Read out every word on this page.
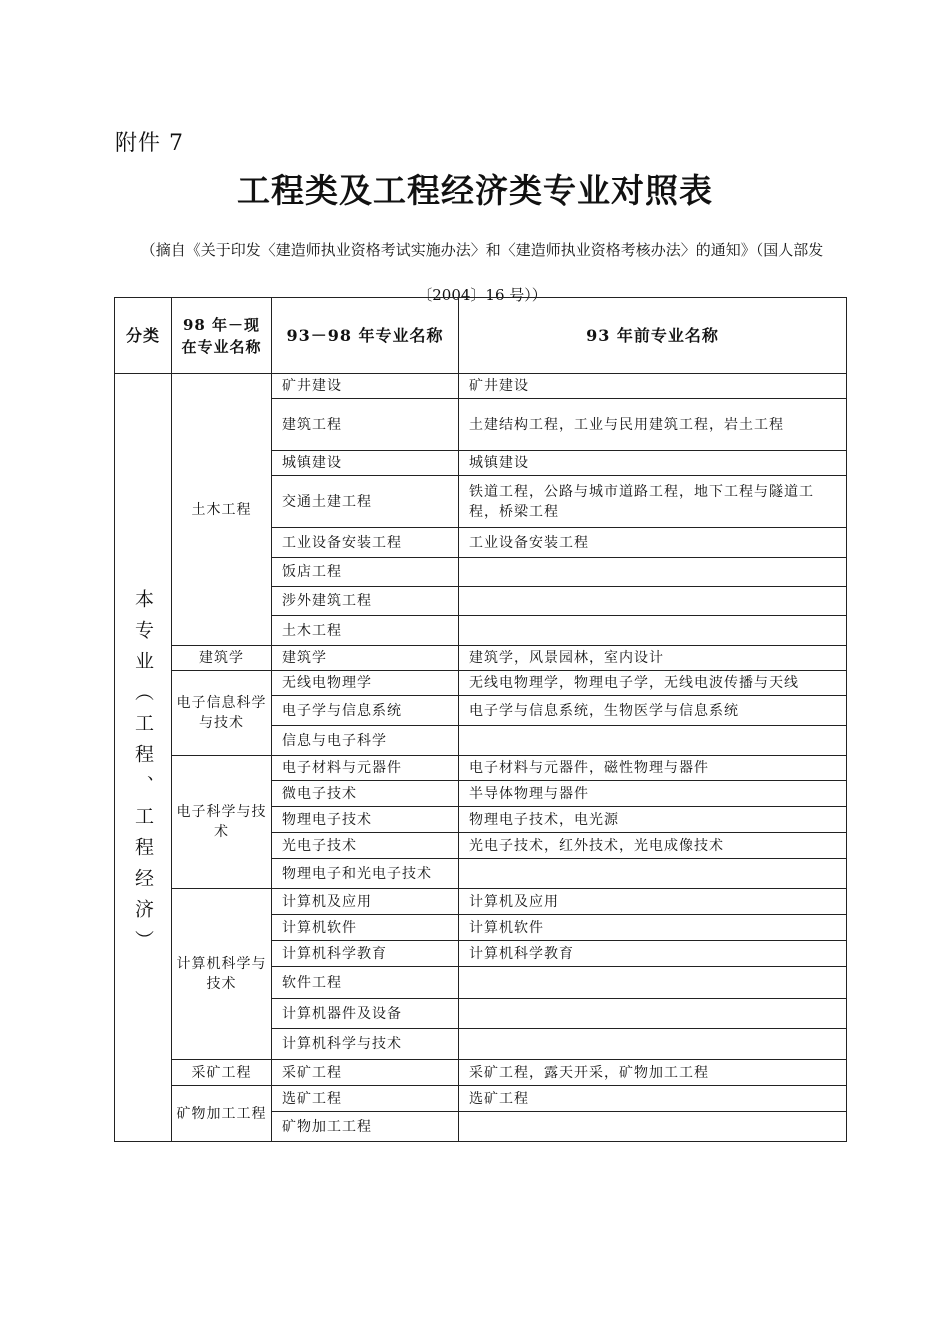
附件 7
工程类及工程经济类专业对照表
（摘自《关于印发〈建造师执业资格考试实施办法〉和〈建造师执业资格考核办法〉的通知》（国人部发〔2004〕16 号））
分类	98 年－现在专业名称	93－98 年专业名称	93 年前专业名称
本专业（工程、工程经济）	土木工程	矿井建设	矿井建设
		建筑工程	土建结构工程，工业与民用建筑工程，岩土工程
		城镇建设	城镇建设
		交通土建工程	铁道工程，公路与城市道路工程，地下工程与隧道工程，桥梁工程
		工业设备安装工程	工业设备安装工程
		饭店工程	
		涉外建筑工程	
		土木工程	
	建筑学	建筑学	建筑学，风景园林，室内设计
	电子信息科学与技术	无线电物理学	无线电物理学，物理电子学，无线电波传播与天线
		电子学与信息系统	电子学与信息系统，生物医学与信息系统
		信息与电子科学	
	电子科学与技术	电子材料与元器件	电子材料与元器件，磁性物理与器件
		微电子技术	半导体物理与器件
		物理电子技术	物理电子技术，电光源
		光电子技术	光电子技术，红外技术，光电成像技术
		物理电子和光电子技术	
	计算机科学与技术	计算机及应用	计算机及应用
		计算机软件	计算机软件
		计算机科学教育	计算机科学教育
		软件工程	
		计算机器件及设备	
		计算机科学与技术	
	采矿工程	采矿工程	采矿工程，露天开采，矿物加工工程
	矿物加工工程	选矿工程	选矿工程
		矿物加工工程	
